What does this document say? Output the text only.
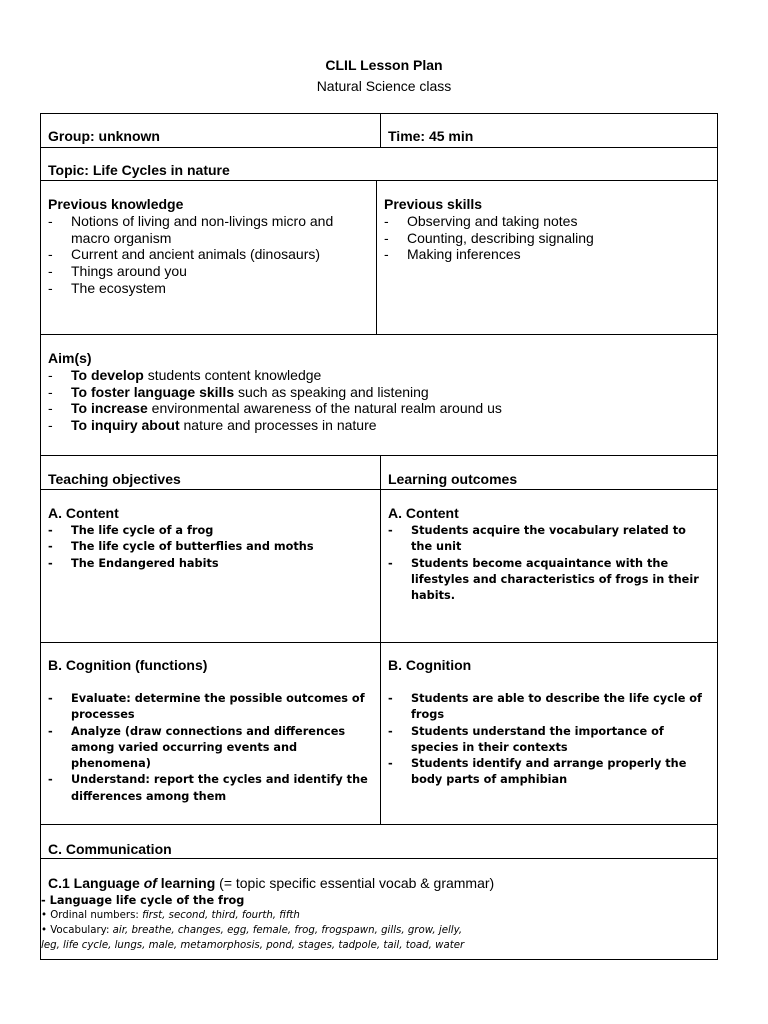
CLIL Lesson Plan
Natural Science class
Group: unknown	Time: 45 min
Topic: Life Cycles in nature
Previous knowledge
- Notions of living and non-livings micro and macro organism
- Current and ancient animals (dinosaurs)
- Things around you
- The ecosystem
Previous skills
- Observing and taking notes
- Counting, describing signaling
- Making inferences
Aim(s)
- To develop students content knowledge
- To foster language skills such as speaking and listening
- To increase environmental awareness of the natural realm around us
- To inquiry about nature and processes in nature
Teaching objectives	Learning outcomes
A. Content
- The life cycle of a frog
- The life cycle of butterflies and moths
- The Endangered habits
A. Content
- Students acquire the vocabulary related to the unit
- Students become acquaintance with the lifestyles and characteristics of frogs in their habits.
B. Cognition (functions)
- Evaluate: determine the possible outcomes of processes
- Analyze (draw connections and differences among varied occurring events and phenomena)
- Understand: report the cycles and identify the differences among them
B. Cognition
- Students are able to describe the life cycle of frogs
- Students understand the importance of species in their contexts
- Students identify and arrange properly the body parts of amphibian
C. Communication
C.1 Language of learning (= topic specific essential vocab & grammar)
- Language life cycle of the frog
• Ordinal numbers: first, second, third, fourth, fifth
• Vocabulary: air, breathe, changes, egg, female, frog, frogspawn, gills, grow, jelly,
leg, life cycle, lungs, male, metamorphosis, pond, stages, tadpole, tail, toad, water
